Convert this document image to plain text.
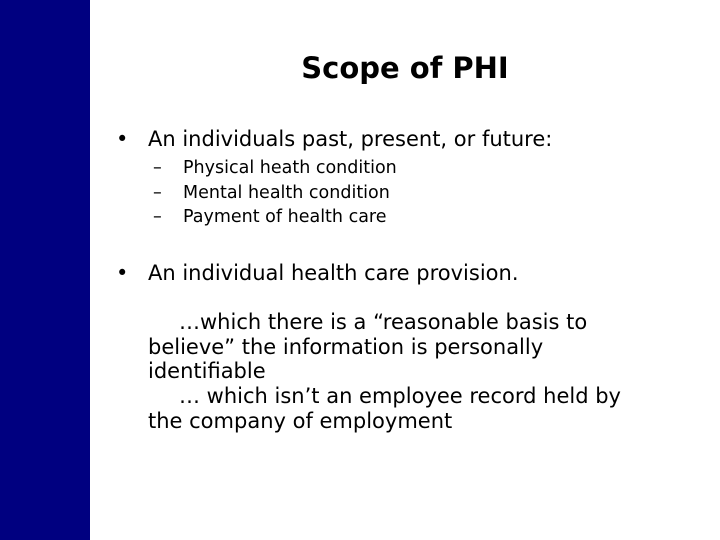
Scope of PHI
• An individuals past, present, or future:
– Physical heath condition
– Mental health condition
– Payment of health care
• An individual health care provision.

…which there is a “reasonable basis to believe” the information is personally identifiable

… which isn’t an employee record held by the company of employment
